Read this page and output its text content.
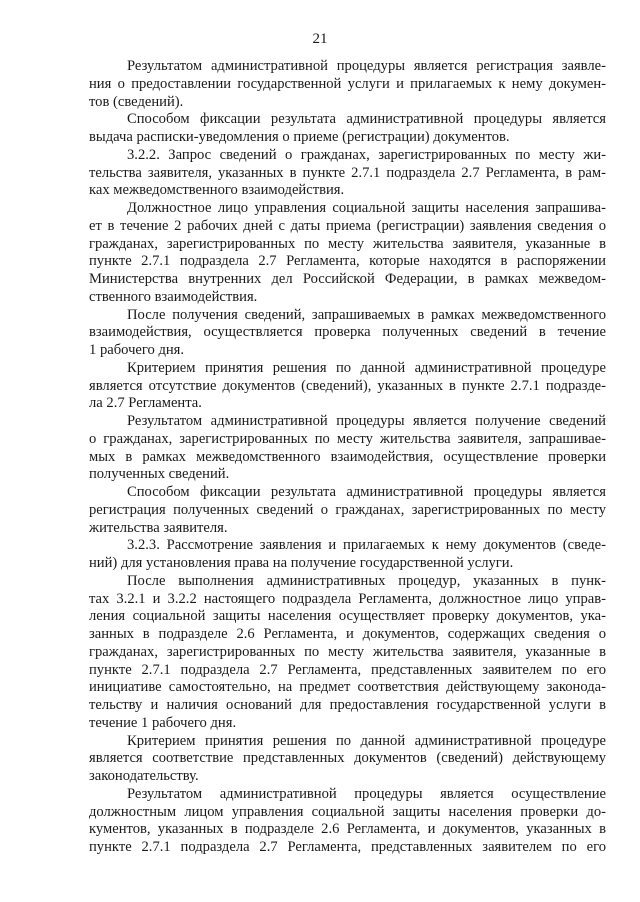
21
Результатом административной процедуры является регистрация заявле-
ния о предоставлении государственной услуги и прилагаемых к нему докумен-
тов (сведений).
Способом фиксации результата административной процедуры является
выдача расписки-уведомления о приеме (регистрации) документов.
3.2.2. Запрос сведений о гражданах, зарегистрированных по месту жи-
тельства заявителя, указанных в пункте 2.7.1 подраздела 2.7 Регламента, в рам-
ках межведомственного взаимодействия.
Должностное лицо управления социальной защиты населения запрашива-
ет в течение 2 рабочих дней с даты приема (регистрации) заявления сведения о
гражданах, зарегистрированных по месту жительства заявителя, указанные в
пункте 2.7.1 подраздела 2.7 Регламента, которые находятся в распоряжении
Министерства внутренних дел Российской Федерации, в рамках межведом-
ственного взаимодействия.
После получения сведений, запрашиваемых в рамках межведомственного
взаимодействия, осуществляется проверка полученных сведений в течение
1 рабочего дня.
Критерием принятия решения по данной административной процедуре
является отсутствие документов (сведений), указанных в пункте 2.7.1 подразде-
ла 2.7 Регламента.
Результатом административной процедуры является получение сведений
о гражданах, зарегистрированных по месту жительства заявителя, запрашивае-
мых в рамках межведомственного взаимодействия, осуществление проверки
полученных сведений.
Способом фиксации результата административной процедуры является
регистрация полученных сведений о гражданах, зарегистрированных по месту
жительства заявителя.
3.2.3. Рассмотрение заявления и прилагаемых к нему документов (сведе-
ний) для установления права на получение государственной услуги.
После выполнения административных процедур, указанных в пунк-
тах 3.2.1 и 3.2.2 настоящего подраздела Регламента, должностное лицо управ-
ления социальной защиты населения осуществляет проверку документов, ука-
занных в подразделе 2.6 Регламента, и документов, содержащих сведения о
гражданах, зарегистрированных по месту жительства заявителя, указанные в
пункте 2.7.1 подраздела 2.7 Регламента, представленных заявителем по его
инициативе самостоятельно, на предмет соответствия действующему законода-
тельству и наличия оснований для предоставления государственной услуги в
течение 1 рабочего дня.
Критерием принятия решения по данной административной процедуре
является соответствие представленных документов (сведений) действующему
законодательству.
Результатом административной процедуры является осуществление
должностным лицом управления социальной защиты населения проверки до-
кументов, указанных в подразделе 2.6 Регламента, и документов, указанных в
пункте 2.7.1 подраздела 2.7 Регламента, представленных заявителем по его
